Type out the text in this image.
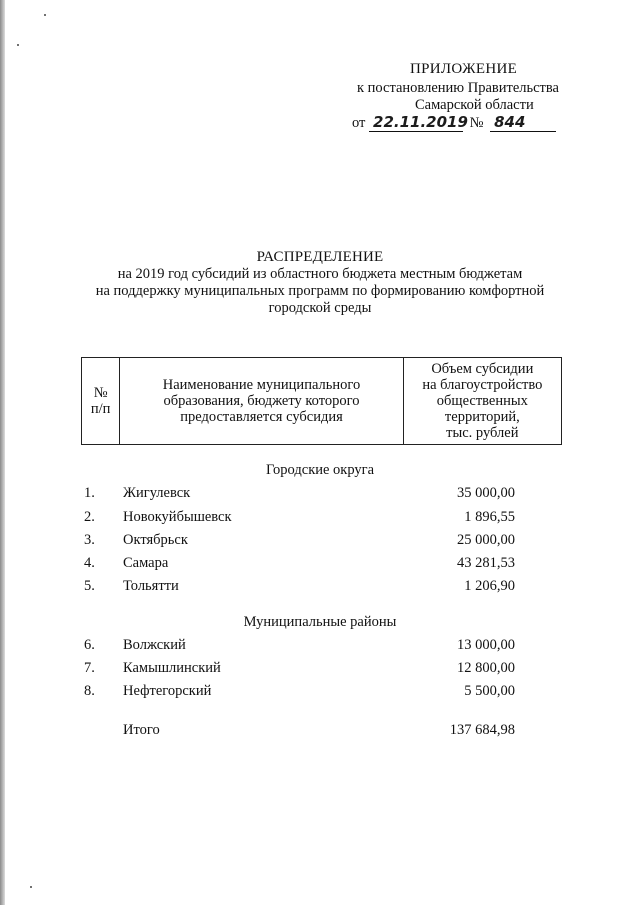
ПРИЛОЖЕНИЕ
к постановлению Правительства
Самарской области
от 22.11.2019 № 844
РАСПРЕДЕЛЕНИЕ
на 2019 год субсидий из областного бюджета местным бюджетам
на поддержку муниципальных программ по формированию комфортной
городской среды
№
п/п

Наименование муниципального
образования, бюджету которого
предоставляется субсидия

Объем субсидии
на благоустройство
общественных
территорий,
тыс. рублей
Городские округа
1. Жигулевск	35 000,00
2. Новокуйбышевск	1 896,55
3. Октябрьск	25 000,00
4. Самара	43 281,53
5. Тольятти	1 206,90
Муниципальные районы
6. Волжский	13 000,00
7. Камышлинский	12 800,00
8. Нефтегорский	5 500,00
Итого	137 684,98
